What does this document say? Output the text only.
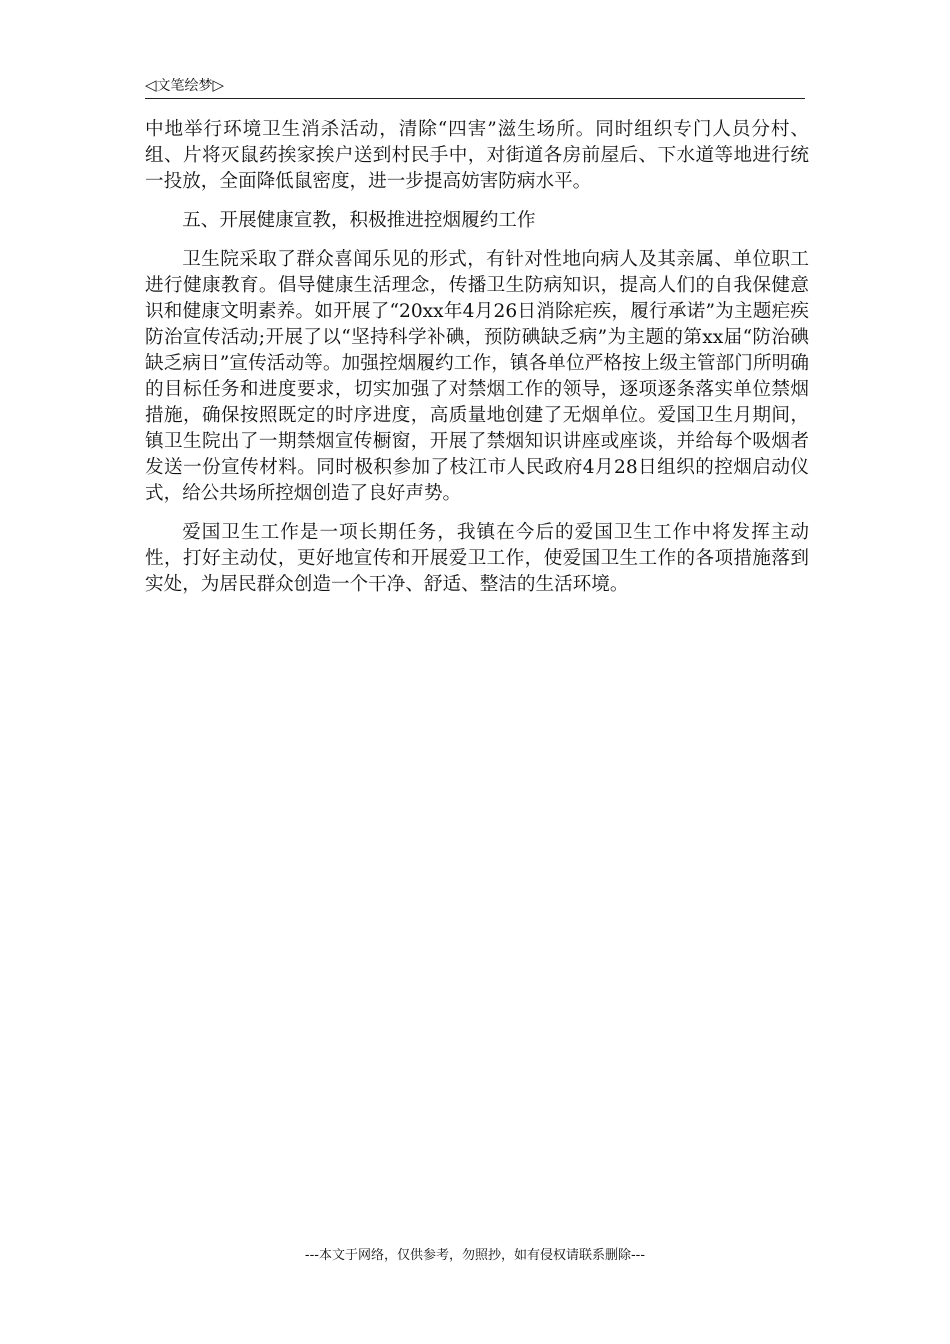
◁文笔绘梦▷

中地举行环境卫生消杀活动，清除“四害”滋生场所。同时组织专门人员分村、组、片将灭鼠药挨家挨户送到村民手中，对街道各房前屋后、下水道等地进行统一投放，全面降低鼠密度，进一步提高妨害防病水平。

五、开展健康宣教，积极推进控烟履约工作

卫生院采取了群众喜闻乐见的形式，有针对性地向病人及其亲属、单位职工进行健康教育。倡导健康生活理念，传播卫生防病知识，提高人们的自我保健意识和健康文明素养。如开展了“20xx年4月26日消除疟疾，履行承诺”为主题疟疾防治宣传活动;开展了以“坚持科学补碘，预防碘缺乏病”为主题的第xx届“防治碘缺乏病日”宣传活动等。加强控烟履约工作，镇各单位严格按上级主管部门所明确的目标任务和进度要求，切实加强了对禁烟工作的领导，逐项逐条落实单位禁烟措施，确保按照既定的时序进度，高质量地创建了无烟单位。爱国卫生月期间，镇卫生院出了一期禁烟宣传橱窗，开展了禁烟知识讲座或座谈，并给每个吸烟者发送一份宣传材料。同时极积参加了枝江市人民政府4月28日组织的控烟启动仪式，给公共场所控烟创造了良好声势。

爱国卫生工作是一项长期任务，我镇在今后的爱国卫生工作中将发挥主动性，打好主动仗，更好地宣传和开展爱卫工作，使爱国卫生工作的各项措施落到实处，为居民群众创造一个干净、舒适、整洁的生活环境。

---本文于网络，仅供参考，勿照抄，如有侵权请联系删除---
